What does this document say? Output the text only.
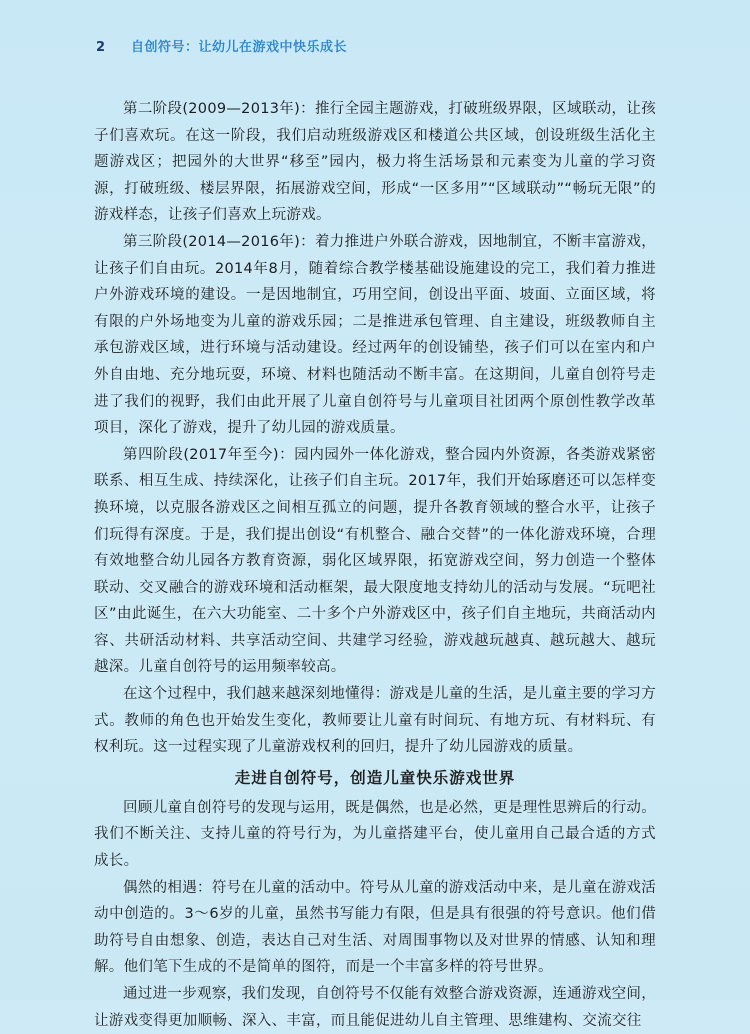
2 自创符号：让幼儿在游戏中快乐成长

第二阶段(2009—2013年)：推行全园主题游戏，打破班级界限，区域联动，让孩子们喜欢玩。在这一阶段，我们启动班级游戏区和楼道公共区域，创设班级生活化主题游戏区；把园外的大世界“移至”园内，极力将生活场景和元素变为儿童的学习资源，打破班级、楼层界限，拓展游戏空间，形成“一区多用”“区域联动”“畅玩无限”的游戏样态，让孩子们喜欢上玩游戏。

第三阶段(2014—2016年)：着力推进户外联合游戏，因地制宜，不断丰富游戏，让孩子们自由玩。2014年8月，随着综合教学楼基础设施建设的完工，我们着力推进户外游戏环境的建设。一是因地制宜，巧用空间，创设出平面、坡面、立面区域，将有限的户外场地变为儿童的游戏乐园；二是推进承包管理、自主建设，班级教师自主承包游戏区域，进行环境与活动建设。经过两年的创设铺垫，孩子们可以在室内和户外自由地、充分地玩耍，环境、材料也随活动不断丰富。在这期间，儿童自创符号走进了我们的视野，我们由此开展了儿童自创符号与儿童项目社团两个原创性教学改革项目，深化了游戏，提升了幼儿园的游戏质量。

第四阶段(2017年至今)：园内园外一体化游戏，整合园内外资源，各类游戏紧密联系、相互生成、持续深化，让孩子们自主玩。2017年，我们开始琢磨还可以怎样变换环境，以克服各游戏区之间相互孤立的问题，提升各教育领域的整合水平，让孩子们玩得有深度。于是，我们提出创设“有机整合、融合交替”的一体化游戏环境，合理有效地整合幼儿园各方教育资源，弱化区域界限，拓宽游戏空间，努力创造一个整体联动、交叉融合的游戏环境和活动框架，最大限度地支持幼儿的活动与发展。“玩吧社区”由此诞生，在六大功能室、二十多个户外游戏区中，孩子们自主地玩，共商活动内容、共研活动材料、共享活动空间、共建学习经验，游戏越玩越真、越玩越大、越玩越深。儿童自创符号的运用频率较高。

在这个过程中，我们越来越深刻地懂得：游戏是儿童的生活，是儿童主要的学习方式。教师的角色也开始发生变化，教师要让儿童有时间玩、有地方玩、有材料玩、有权利玩。这一过程实现了儿童游戏权利的回归，提升了幼儿园游戏的质量。

走进自创符号，创造儿童快乐游戏世界

回顾儿童自创符号的发现与运用，既是偶然，也是必然，更是理性思辨后的行动。我们不断关注、支持儿童的符号行为，为儿童搭建平台，使儿童用自己最合适的方式成长。

偶然的相遇：符号在儿童的活动中。符号从儿童的游戏活动中来，是儿童在游戏活动中创造的。3～6岁的儿童，虽然书写能力有限，但是具有很强的符号意识。他们借助符号自由想象、创造，表达自己对生活、对周围事物以及对世界的情感、认知和理解。他们笔下生成的不是简单的图符，而是一个丰富多样的符号世界。

通过进一步观察，我们发现，自创符号不仅能有效整合游戏资源，连通游戏空间，让游戏变得更加顺畅、深入、丰富，而且能促进幼儿自主管理、思维建构、交流交往
